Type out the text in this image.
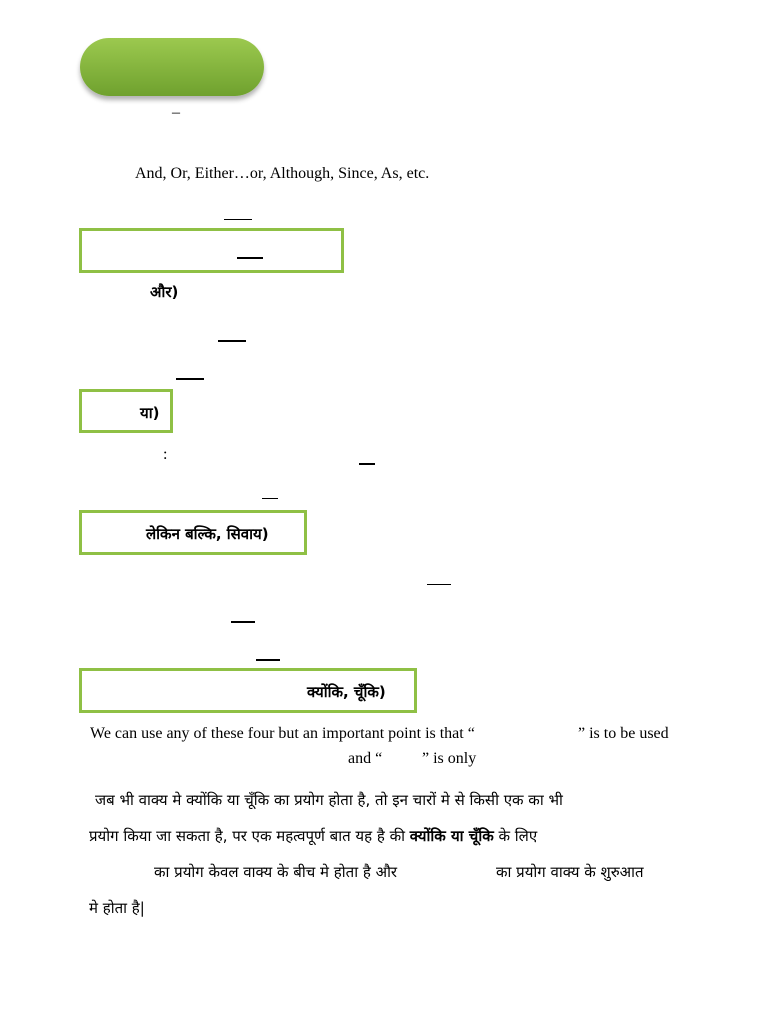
–
And, Or, Either…or, Although, Since, As, etc.
और)
या)
:
लेकिन बल्कि, सिवाय)
क्योंकि, चूँकि)
We can use any of these four but an important point is that “	” is to be used
and “ ” is only
जब भी वाक्य मे क्योंकि या चूँकि का प्रयोग होता है, तो इन चारों मे से किसी एक का भी
प्रयोग किया जा सकता है, पर एक महत्वपूर्ण बात यह है की क्योंकि या चूँकि के लिए
का प्रयोग केवल वाक्य के बीच मे होता है और	का प्रयोग वाक्य के शुरुआत
मे होता है|
